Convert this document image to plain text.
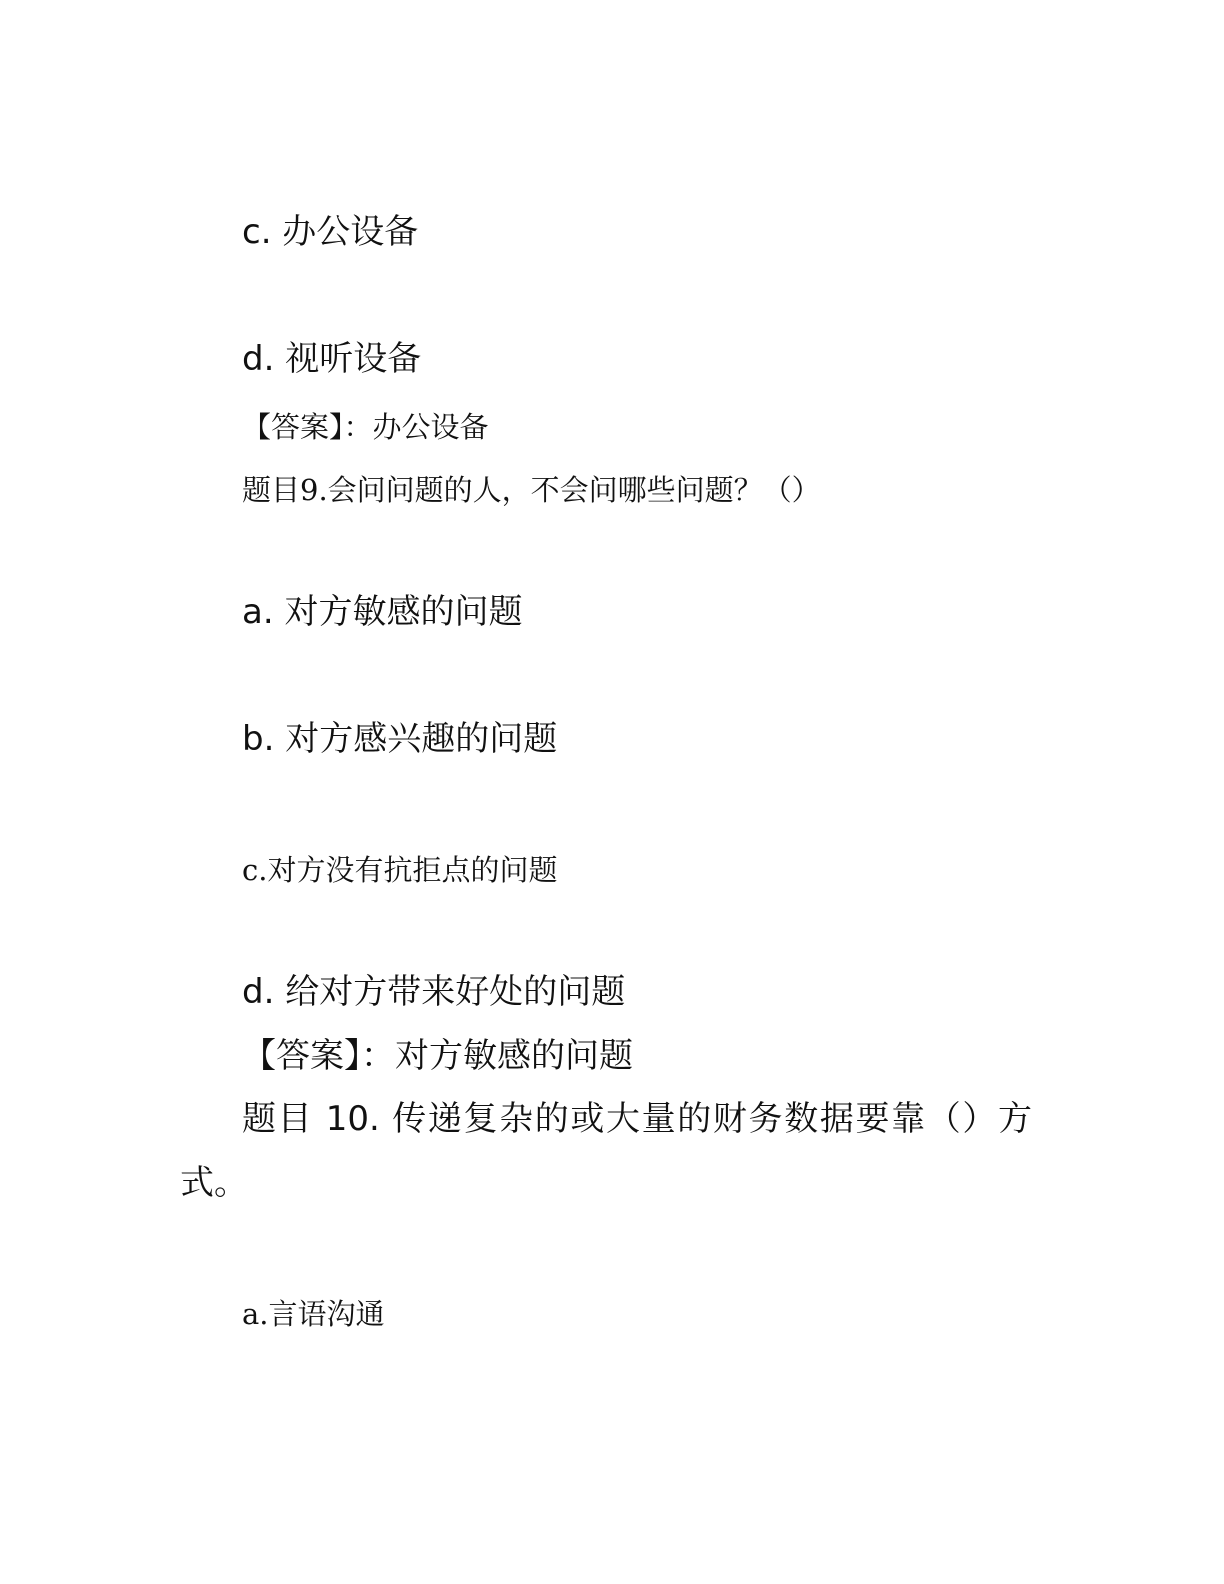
c. 办公设备
d. 视听设备
【答案】：办公设备
题目9.会问问题的人，不会问哪些问题？（）
a. 对方敏感的问题
b. 对方感兴趣的问题
c.对方没有抗拒点的问题
d. 给对方带来好处的问题
【答案】：对方敏感的问题
题目 10. 传递复杂的或大量的财务数据要靠（）方
式。
a.言语沟通
